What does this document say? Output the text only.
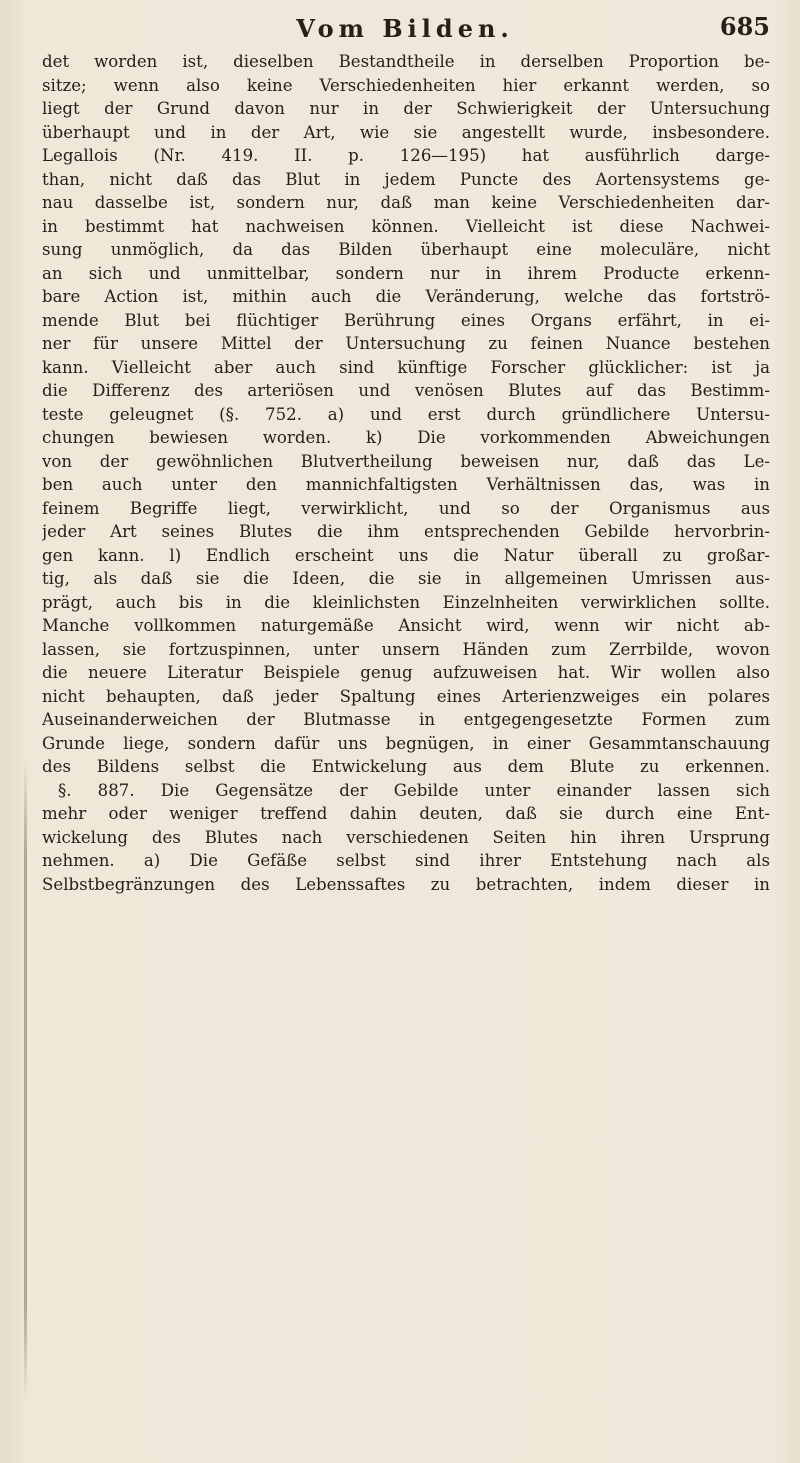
Vom Bilden.	685
det worden ist, dieselben Bestandtheile in derselben Proportion be-
sitze; wenn also keine Verschiedenheiten hier erkannt werden, so
liegt der Grund davon nur in der Schwierigkeit der Untersuchung
überhaupt und in der Art, wie sie angestellt wurde, insbesondere.
Legallois (Nr. 419. II. p. 126—195) hat ausführlich darge-
than, nicht daß das Blut in jedem Puncte des Aortensystems ge-
nau dasselbe ist, sondern nur, daß man keine Verschiedenheiten dar-
in bestimmt hat nachweisen können. Vielleicht ist diese Nachwei-
sung unmöglich, da das Bilden überhaupt eine moleculäre, nicht
an sich und unmittelbar, sondern nur in ihrem Producte erkenn-
bare Action ist, mithin auch die Veränderung, welche das fortströ-
mende Blut bei flüchtiger Berührung eines Organs erfährt, in ei-
ner für unsere Mittel der Untersuchung zu feinen Nuance bestehen
kann. Vielleicht aber auch sind künftige Forscher glücklicher: ist ja
die Differenz des arteriösen und venösen Blutes auf das Bestimm-
teste geleugnet (§. 752. a) und erst durch gründlichere Untersu-
chungen bewiesen worden. k) Die vorkommenden Abweichungen
von der gewöhnlichen Blutvertheilung beweisen nur, daß das Le-
ben auch unter den mannichfaltigsten Verhältnissen das, was in
feinem Begriffe liegt, verwirklicht, und so der Organismus aus
jeder Art seines Blutes die ihm entsprechenden Gebilde hervorbrin-
gen kann. l) Endlich erscheint uns die Natur überall zu großar-
tig, als daß sie die Ideen, die sie in allgemeinen Umrissen aus-
prägt, auch bis in die kleinlichsten Einzelnheiten verwirklichen sollte.
Manche vollkommen naturgemäße Ansicht wird, wenn wir nicht ab-
lassen, sie fortzuspinnen, unter unsern Händen zum Zerrbilde, wovon
die neuere Literatur Beispiele genug aufzuweisen hat. Wir wollen also
nicht behaupten, daß jeder Spaltung eines Arterienzweiges ein polares
Auseinanderweichen der Blutmasse in entgegengesetzte Formen zum
Grunde liege, sondern dafür uns begnügen, in einer Gesammtanschauung
des Bildens selbst die Entwickelung aus dem Blute zu erkennen.
§. 887. Die Gegensätze der Gebilde unter einander lassen sich
mehr oder weniger treffend dahin deuten, daß sie durch eine Ent-
wickelung des Blutes nach verschiedenen Seiten hin ihren Ursprung
nehmen. a) Die Gefäße selbst sind ihrer Entstehung nach als
Selbstbegränzungen des Lebenssaftes zu betrachten, indem dieser in
